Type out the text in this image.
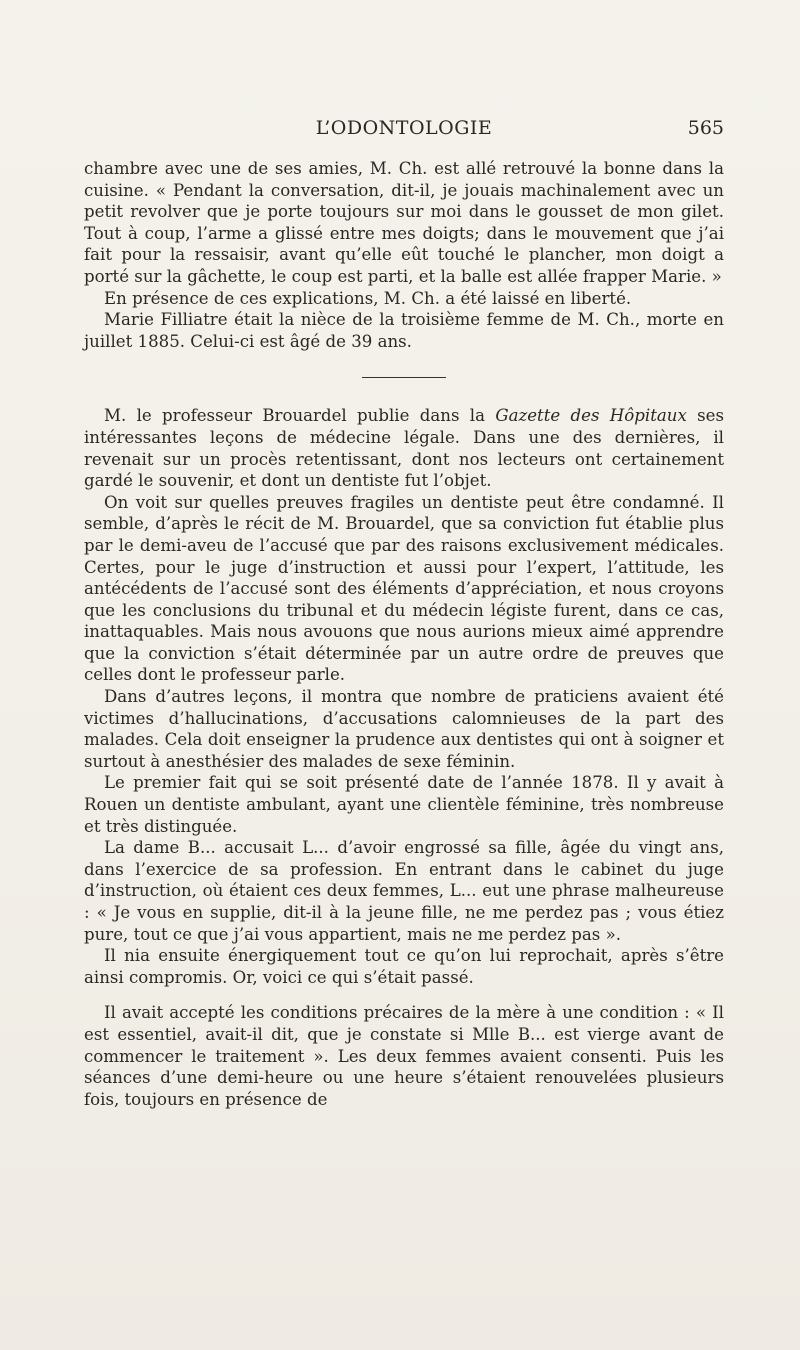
L’ODONTOLOGIE	565

chambre avec une de ses amies, M. Ch. est allé retrouvé la bonne dans la cuisine. « Pendant la conversation, dit-il, je jouais machinalement avec un petit revolver que je porte toujours sur moi dans le gousset de mon gilet. Tout à coup, l’arme a glissé entre mes doigts; dans le mouvement que j’ai fait pour la ressaisir, avant qu’elle eût touché le plancher, mon doigt a porté sur la gâchette, le coup est parti, et la balle est allée frapper Marie. »

En présence de ces explications, M. Ch. a été laissé en liberté.

Marie Filliatre était la nièce de la troisième femme de M. Ch., morte en juillet 1885. Celui-ci est âgé de 39 ans.

M. le professeur Brouardel publie dans la Gazette des Hôpitaux ses intéressantes leçons de médecine légale. Dans une des dernières, il revenait sur un procès retentissant, dont nos lecteurs ont certainement gardé le souvenir, et dont un dentiste fut l’objet.

On voit sur quelles preuves fragiles un dentiste peut être condamné. Il semble, d’après le récit de M. Brouardel, que sa conviction fut établie plus par le demi-aveu de l’accusé que par des raisons exclusivement médicales. Certes, pour le juge d’instruction et aussi pour l’expert, l’attitude, les antécédents de l’accusé sont des éléments d’appréciation, et nous croyons que les conclusions du tribunal et du médecin légiste furent, dans ce cas, inattaquables. Mais nous avouons que nous aurions mieux aimé apprendre que la conviction s’était déterminée par un autre ordre de preuves que celles dont le professeur parle.

Dans d’autres leçons, il montra que nombre de praticiens avaient été victimes d’hallucinations, d’accusations calomnieuses de la part des malades. Cela doit enseigner la prudence aux dentistes qui ont à soigner et surtout à anesthésier des malades de sexe féminin.

Le premier fait qui se soit présenté date de l’année 1878. Il y avait à Rouen un dentiste ambulant, ayant une clientèle féminine, très nombreuse et très distinguée.

La dame B... accusait L... d’avoir engrossé sa fille, âgée du vingt ans, dans l’exercice de sa profession. En entrant dans le cabinet du juge d’instruction, où étaient ces deux femmes, L... eut une phrase malheureuse : « Je vous en supplie, dit-il à la jeune fille, ne me perdez pas ; vous étiez pure, tout ce que j’ai vous appartient, mais ne me perdez pas ».

Il nia ensuite énergiquement tout ce qu’on lui reprochait, après s’être ainsi compromis. Or, voici ce qui s’était passé.

Il avait accepté les conditions précaires de la mère à une condition : « Il est essentiel, avait-il dit, que je constate si Mlle B... est vierge avant de commencer le traitement ». Les deux femmes avaient consenti. Puis les séances d’une demi-heure ou une heure s’étaient renouvelées plusieurs fois, toujours en présence de
